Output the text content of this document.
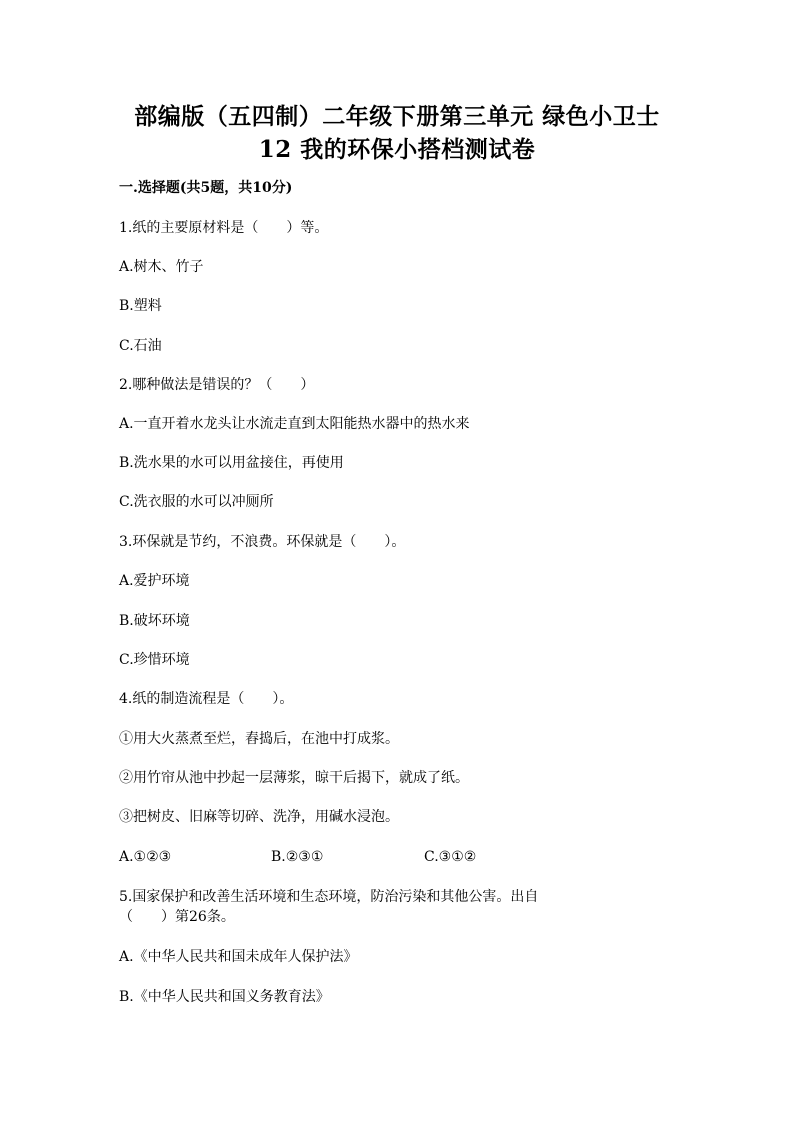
部编版（五四制）二年级下册第三单元 绿色小卫士
12 我的环保小搭档测试卷
一.选择题(共5题，共10分)
1.纸的主要原材料是（　　）等。
A.树木、竹子
B.塑料
C.石油
2.哪种做法是错误的？（　　）
A.一直开着水龙头让水流走直到太阳能热水器中的热水来
B.洗水果的水可以用盆接住，再使用
C.洗衣服的水可以冲厕所
3.环保就是节约，不浪费。环保就是（　　）。
A.爱护环境
B.破坏环境
C.珍惜环境
4.纸的制造流程是（　　）。
①用大火蒸煮至烂，舂捣后，在池中打成浆。
②用竹帘从池中抄起一层薄浆，晾干后揭下，就成了纸。
③把树皮、旧麻等切碎、洗净，用碱水浸泡。
A.①②③	B.②③①	C.③①②
5.国家保护和改善生活环境和生态环境，防治污染和其他公害。出自
（　　）第26条。
A.《中华人民共和国未成年人保护法》
B.《中华人民共和国义务教育法》
